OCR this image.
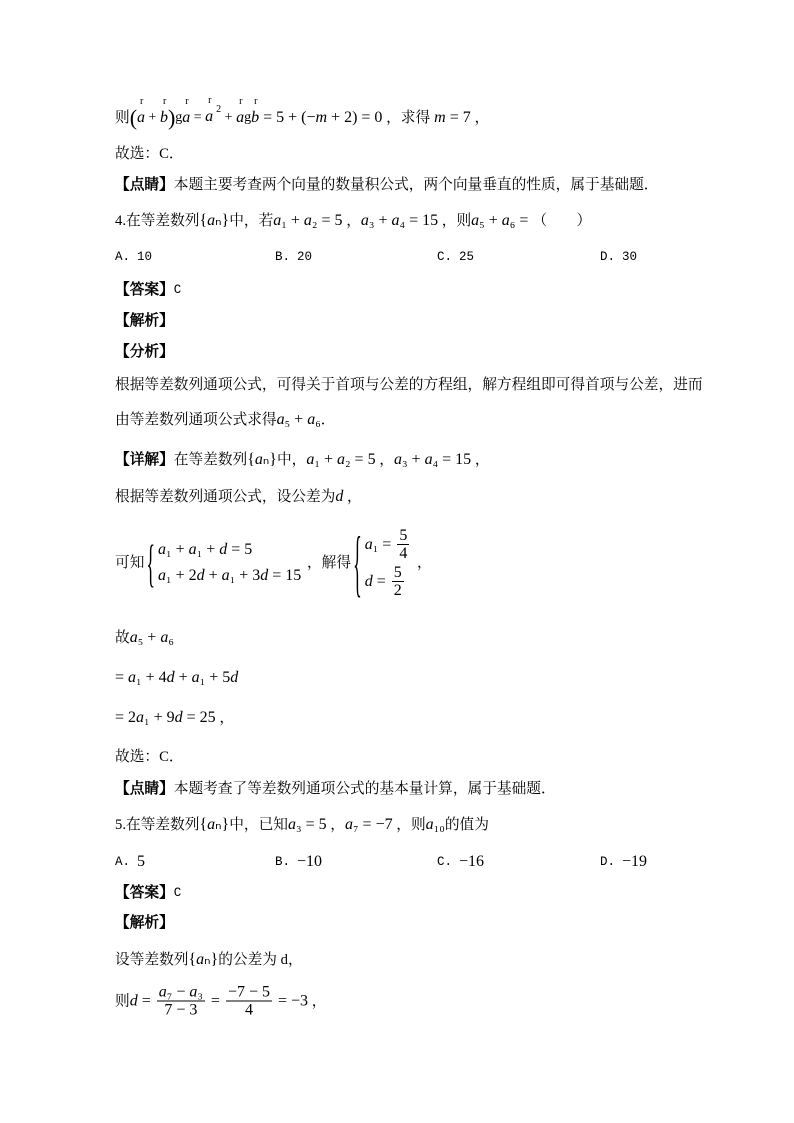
则 ( a
r
+ b
r
) g a
r
= a
r
$^2$
+ a
r
g b
r
= 5 + (−m + 2) = 0 ，求得 m = 7 ，
故选：C．
【点睛】 本题主要考查两个向量的数量积公式，两个向量垂直的性质，属于基础题．
4.在等差数列 {aₙ} 中，若 a₁ + a₂ = 5 ， a₃ + a₄ = 15 ，则 a₅ + a₆ = （　　）
A. 10	B. 20	C. 25	D. 30
【答案】 C
【解析】
【分析】
根据等差数列通项公式，可得关于首项与公差的方程组，解方程组即可得首项与公差，进而
由等差数列通项公式求得 a₅ + a₆ ．
【详解】 在等差数列 {aₙ} 中， a₁ + a₂ = 5 ， a₃ + a₄ = 15 ，
根据等差数列通项公式，设公差为 d ，
可知 { a₁ + a₁ + d = 5
a₁ + 2d + a₁ + 3d = 15
，解得 { $a_1 = \frac{5}{4}$
$d = \frac{5}{2}$
，
故 a₅ + a₆
= a₁ + 4d + a₁ + 5d
= 2a₁ + 9d = 25 ，
故选：C．
【点睛】 本题考查了等差数列通项公式的基本量计算，属于基础题．
5.在等差数列 {aₙ} 中，已知 a₃ = 5 ， a₇ = −7 ，则 a₁₀ 的值为
A. 5	B. −10	C. −16	D. −19
【答案】 C
【解析】
设等差数列 {aₙ} 的公差为 d，
则 $d = \frac{\text{a₇ − a₃}}{7 - 3} = \frac{-7 - 5}{4} = -3$ ，
